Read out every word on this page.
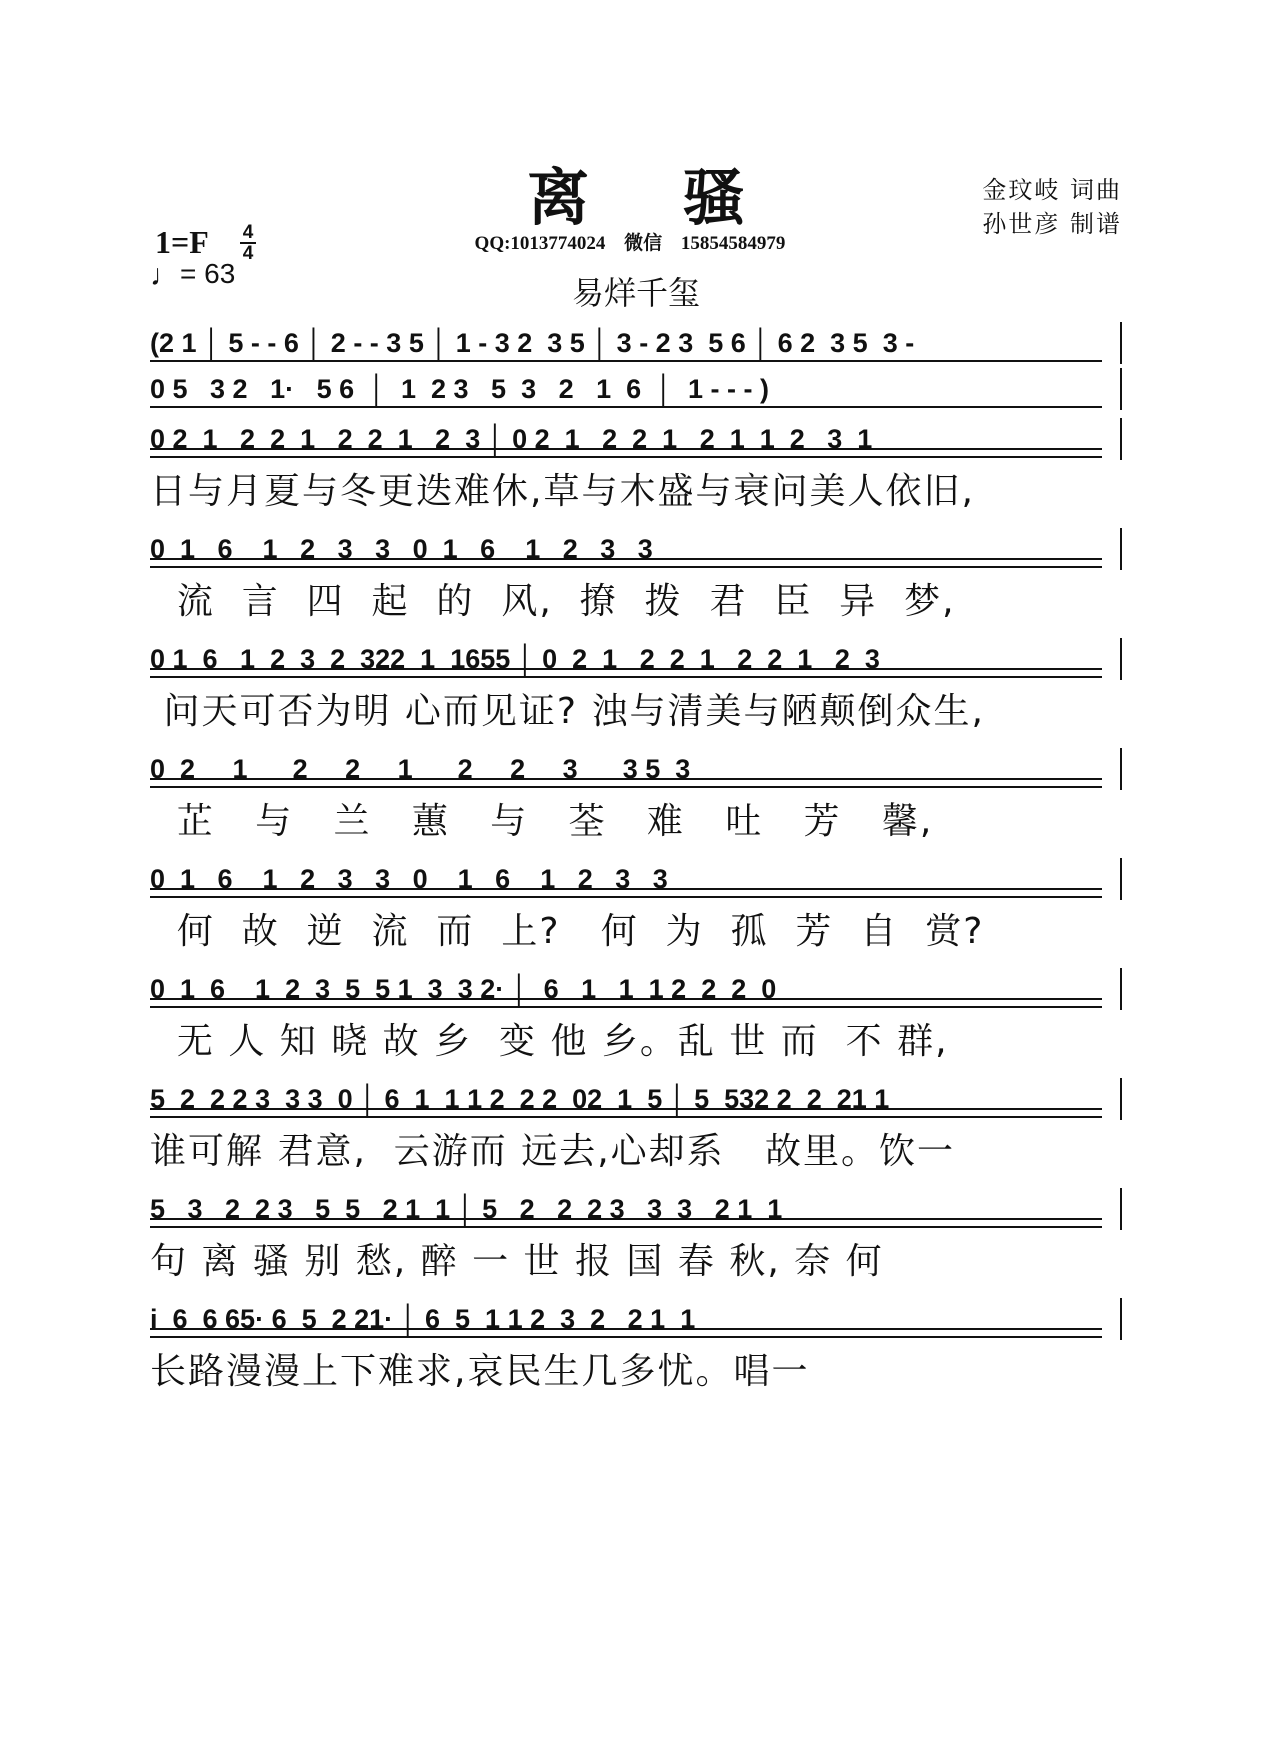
离 骚	金玟岐 词曲
孙世彦 制谱
QQ:1013774024 微信 15854584979
易烊千玺
1=F 4
4
♩= 63
(2 1 │ 5 - - 6 │ 2 - - 3 5 │ 1 - 3 2  3 5 │ 3 - 2 3  5 6 │ 6 2  3 5  3 -
0 5   3 2   1·   5 6  │  1  2 3   5  3   2   1  6  │  1 - - - )
0 2  1   2  2  1   2  2  1   2  3 │ 0 2  1   2  2  1   2  1  1  2   3  1
日与月夏与冬更迭难休,草与木盛与衰问美人依旧,
0  1   6    1   2   3   3   0  1   6    1   2   3   3
流  言  四  起  的  风,  撩  拨  君  臣  异  梦,
0 1  6   1  2  3  2  322  1  1655 │ 0  2  1   2  2  1   2  2  1   2  3
问天可否为明 心而见证? 浊与清美与陋颠倒众生,
0  2     1      2     2     1      2     2     3      3 5  3
芷   与   兰   蕙   与   荃   难   吐   芳   馨,
0  1   6    1   2   3   3   0    1   6    1   2   3   3
何  故  逆  流  而  上?   何  为  孤  芳  自  赏?
0  1  6    1  2  3  5  5 1  3  3 2· │  6   1   1  1 2  2  2  0
无 人 知 晓 故 乡  变 他 乡。乱 世 而  不 群,
5  2  2 2 3  3 3  0 │ 6  1  1 1 2  2 2  02  1  5 │ 5  532 2  2  21 1
谁可解 君意,  云游而 远去,心却系   故里。饮一
5   3   2  2 3   5  5   2 1  1 │ 5   2   2  2 3   3  3   2 1  1
句 离 骚 别 愁, 醉 一 世 报 国 春 秋, 奈 何
i  6  6 65· 6  5  2 21· │ 6  5  1 1 2  3  2   2 1  1
长路漫漫上下难求,哀民生几多忧。唱一
